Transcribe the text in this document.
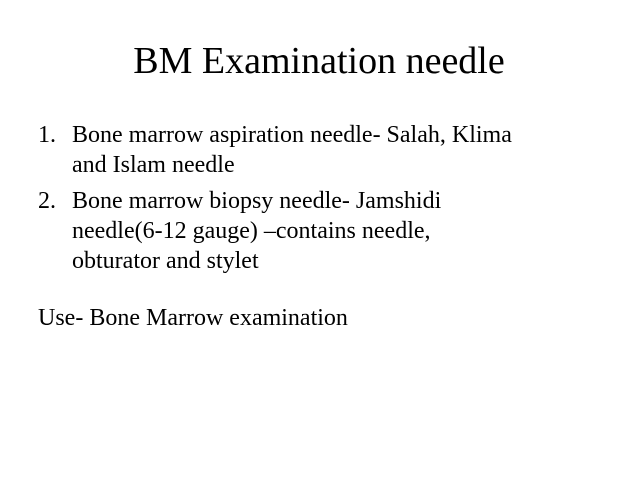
BM Examination needle
1. Bone marrow aspiration needle- Salah, Klima
and Islam needle
2. Bone marrow biopsy needle- Jamshidi
needle(6-12 gauge) –contains needle,
obturator and stylet

Use- Bone Marrow examination
